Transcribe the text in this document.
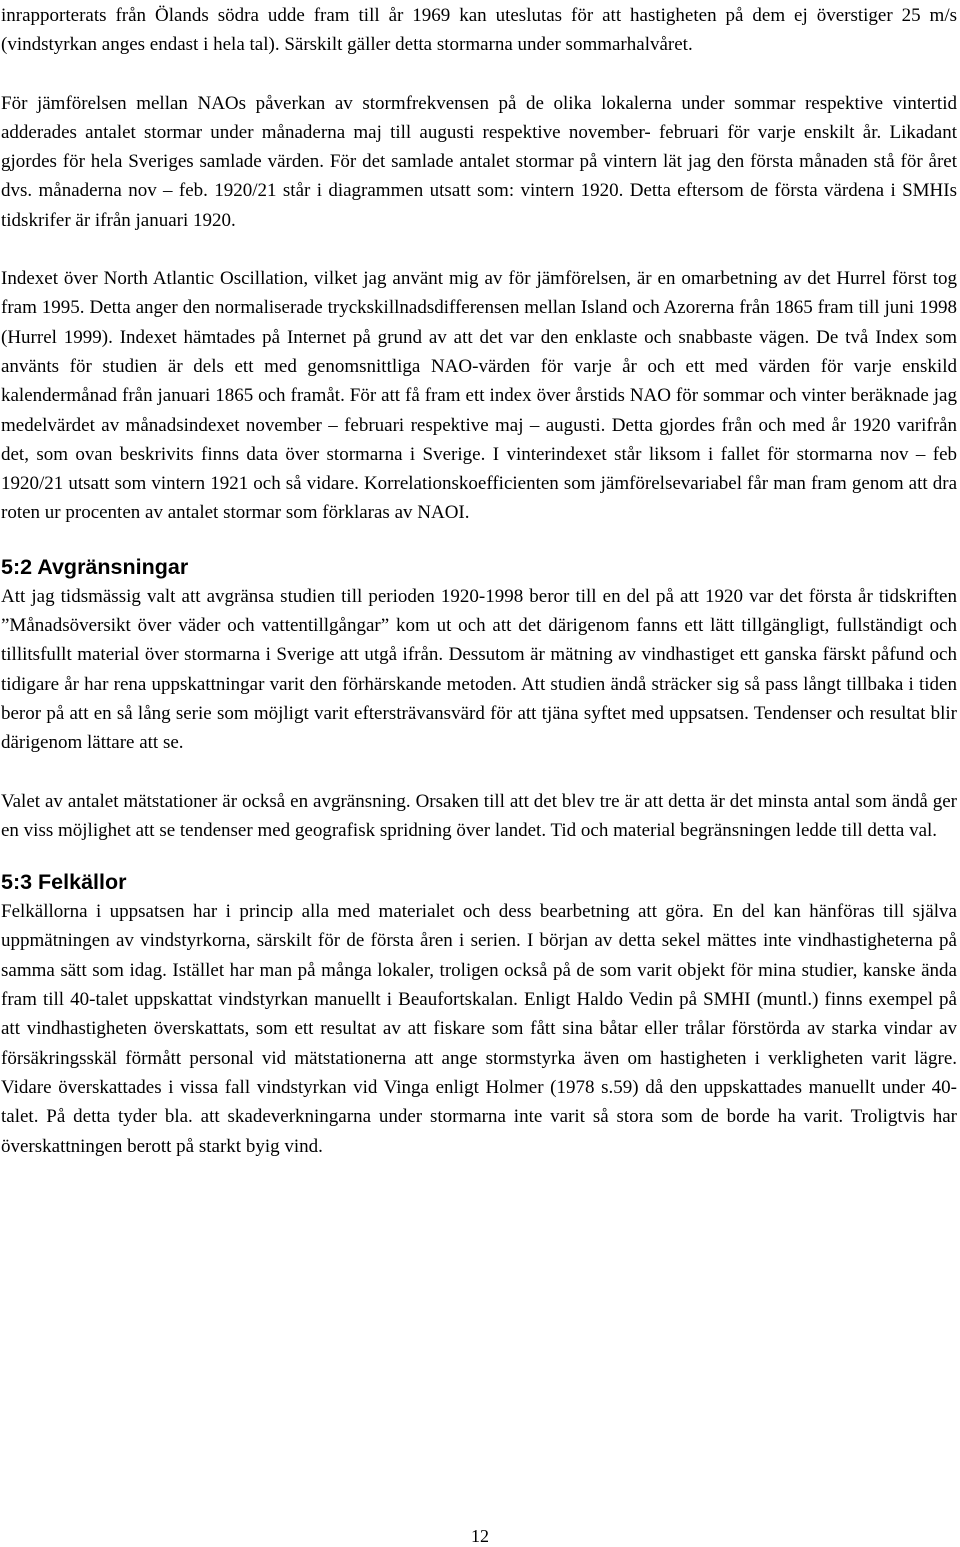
inrapporterats från Ölands södra udde fram till år 1969 kan uteslutas för att hastigheten på dem ej överstiger 25 m/s (vindstyrkan anges endast i hela tal). Särskilt gäller detta stormarna under sommarhalvåret.

För jämförelsen mellan NAOs påverkan av stormfrekvensen på de olika lokalerna under sommar respektive vintertid adderades antalet stormar under månaderna maj till augusti respektive november- februari för varje enskilt år. Likadant gjordes för hela Sveriges samlade värden. För det samlade antalet stormar på vintern lät jag den första månaden stå för året dvs. månaderna nov – feb. 1920/21 står i diagrammen utsatt som: vintern 1920. Detta eftersom de första värdena i SMHIs tidskrifer är ifrån januari 1920.

Indexet över North Atlantic Oscillation, vilket jag använt mig av för jämförelsen, är en omarbetning av det Hurrel först tog fram 1995. Detta anger den normaliserade tryckskillnadsdifferensen mellan Island och Azorerna från 1865 fram till juni 1998 (Hurrel 1999). Indexet hämtades på Internet på grund av att det var den enklaste och snabbaste vägen. De två Index som använts för studien är dels ett med genomsnittliga NAO-värden för varje år och ett med värden för varje enskild kalendermånad från januari 1865 och framåt. För att få fram ett index över årstids NAO för sommar och vinter beräknade jag medelvärdet av månadsindexet november – februari respektive maj – augusti. Detta gjordes från och med år 1920 varifrån det, som ovan beskrivits finns data över stormarna i Sverige. I vinterindexet står liksom i fallet för stormarna nov – feb 1920/21 utsatt som vintern 1921 och så vidare. Korrelationskoefficienten som jämförelsevariabel får man fram genom att dra roten ur procenten av antalet stormar som förklaras av NAOI.

5:2 Avgränsningar

Att jag tidsmässig valt att avgränsa studien till perioden 1920-1998 beror till en del på att 1920 var det första år tidskriften ”Månadsöversikt över väder och vattentillgångar” kom ut och att det därigenom fanns ett lätt tillgängligt, fullständigt och tillitsfullt material över stormarna i Sverige att utgå ifrån. Dessutom är mätning av vindhastiget ett ganska färskt påfund och tidigare år har rena uppskattningar varit den förhärskande metoden. Att studien ändå sträcker sig så pass långt tillbaka i tiden beror på att en så lång serie som möjligt varit eftersträvansvärd för att tjäna syftet med uppsatsen. Tendenser och resultat blir därigenom lättare att se.

Valet av antalet mätstationer är också en avgränsning. Orsaken till att det blev tre är att detta är det minsta antal som ändå ger en viss möjlighet att se tendenser med geografisk spridning över landet. Tid och material begränsningen ledde till detta val.

5:3 Felkällor

Felkällorna i uppsatsen har i princip alla med materialet och dess bearbetning att göra. En del kan hänföras till själva uppmätningen av vindstyrkorna, särskilt för de första åren i serien. I början av detta sekel mättes inte vindhastigheterna på samma sätt som idag. Istället har man på många lokaler, troligen också på de som varit objekt för mina studier, kanske ända fram till 40-talet uppskattat vindstyrkan manuellt i Beaufortskalan. Enligt Haldo Vedin på SMHI (muntl.) finns exempel på att vindhastigheten överskattats, som ett resultat av att fiskare som fått sina båtar eller trålar förstörda av starka vindar av försäkringsskäl förmått personal vid mätstationerna att ange stormstyrka även om hastigheten i verkligheten varit lägre. Vidare överskattades i vissa fall vindstyrkan vid Vinga enligt Holmer (1978 s.59) då den uppskattades manuellt under 40-talet. På detta tyder bla. att skadeverkningarna under stormarna inte varit så stora som de borde ha varit. Troligtvis har överskattningen berott på starkt byig vind.

12
